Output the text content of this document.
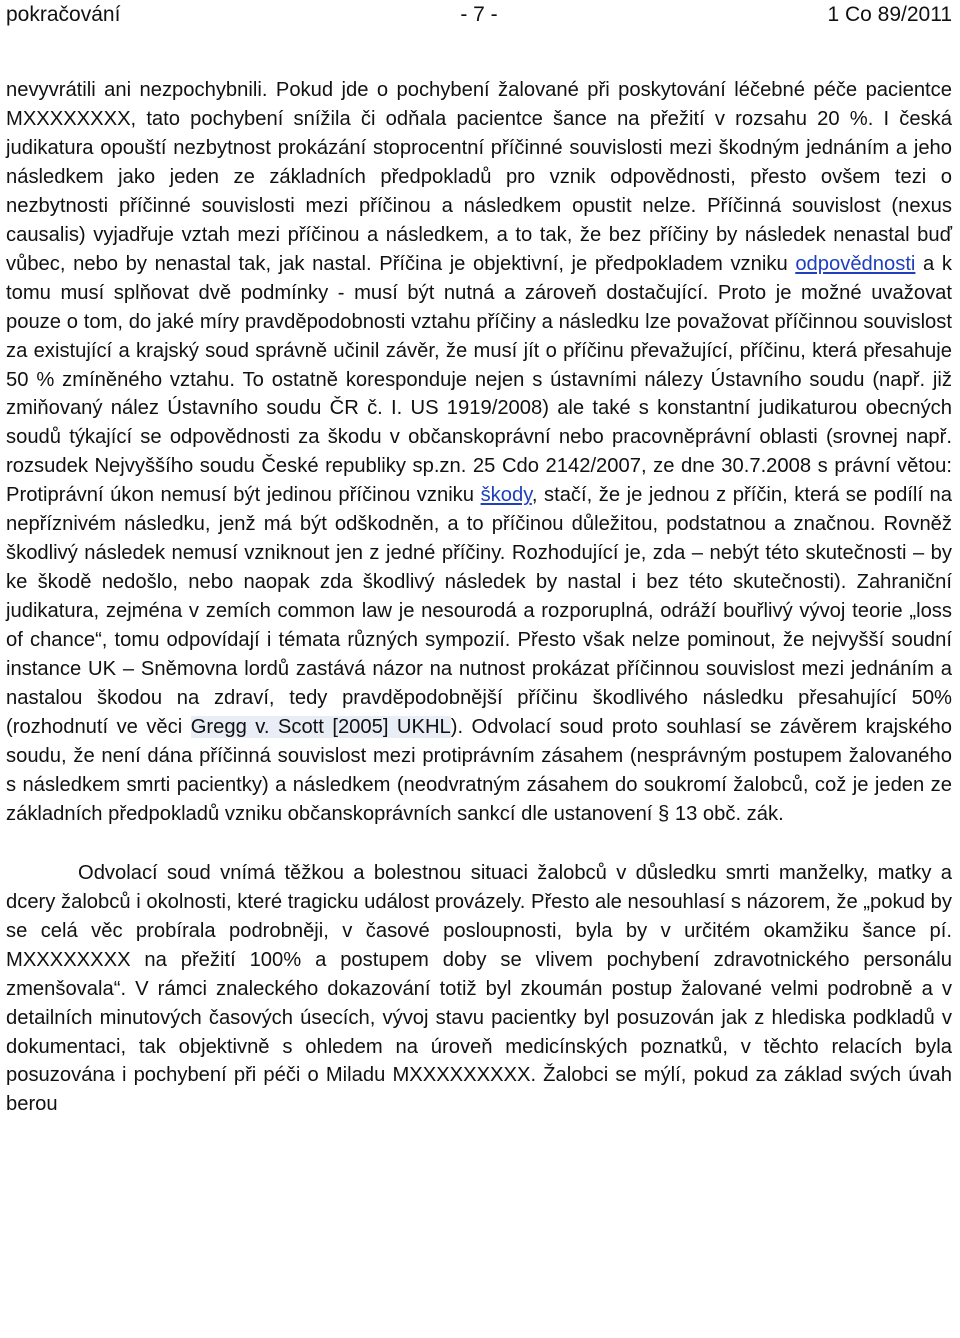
pokračování	- 7 -	1 Co 89/2011

nevyvrátili ani nezpochybnili. Pokud jde o pochybení žalované při poskytování léčebné péče pacientce MXXXXXXXX, tato pochybení snížila či odňala pacientce šance na přežití v rozsahu 20 %. I česká judikatura opouští nezbytnost prokázání stoprocentní příčinné souvislosti mezi škodným jednáním a jeho následkem jako jeden ze základních předpokladů pro vznik odpovědnosti, přesto ovšem tezi o nezbytnosti příčinné souvislosti mezi příčinou a následkem opustit nelze. Příčinná souvislost (nexus causalis) vyjadřuje vztah mezi příčinou a následkem, a to tak, že bez příčiny by následek nenastal buď vůbec, nebo by nenastal tak, jak nastal. Příčina je objektivní, je předpokladem vzniku odpovědnosti a k tomu musí splňovat dvě podmínky - musí být nutná a zároveň dostačující. Proto je možné uvažovat pouze o tom, do jaké míry pravděpodobnosti vztahu příčiny a následku lze považovat příčinnou souvislost za existující a krajský soud správně učinil závěr, že musí jít o příčinu převažující, příčinu, která přesahuje 50 % zmíněného vztahu. To ostatně koresponduje nejen s ústavními nálezy Ústavního soudu (např. již zmiňovaný nález Ústavního soudu ČR č. I. US 1919/2008) ale také s konstantní judikaturou obecných soudů týkající se odpovědnosti za škodu v občanskoprávní nebo pracovněprávní oblasti (srovnej např. rozsudek Nejvyššího soudu České republiky sp.zn. 25 Cdo 2142/2007, ze dne 30.7.2008 s právní větou: Protiprávní úkon nemusí být jedinou příčinou vzniku škody, stačí, že je jednou z příčin, která se podílí na nepříznivém následku, jenž má být odškodněn, a to příčinou důležitou, podstatnou a značnou. Rovněž škodlivý následek nemusí vzniknout jen z jedné příčiny. Rozhodující je, zda – nebýt této skutečnosti – by ke škodě nedošlo, nebo naopak zda škodlivý následek by nastal i bez této skutečnosti). Zahraniční judikatura, zejména v zemích common law je nesourodá a rozporuplná, odráží bouřlivý vývoj teorie „loss of chance“, tomu odpovídají i témata různých sympozií. Přesto však nelze pominout, že nejvyšší soudní instance UK – Sněmovna lordů zastává názor na nutnost prokázat příčinnou souvislost mezi jednáním a nastalou škodou na zdraví, tedy pravděpodobnější příčinu škodlivého následku přesahující 50% (rozhodnutí ve věci Gregg v. Scott [2005] UKHL). Odvolací soud proto souhlasí se závěrem krajského soudu, že není dána příčinná souvislost mezi protiprávním zásahem (nesprávným postupem žalovaného s následkem smrti pacientky) a následkem (neodvratným zásahem do soukromí žalobců, což je jeden ze základních předpokladů vzniku občanskoprávních sankcí dle ustanovení § 13 obč. zák.

Odvolací soud vnímá těžkou a bolestnou situaci žalobců v důsledku smrti manželky, matky a dcery žalobců i okolnosti, které tragicku událost provázely. Přesto ale nesouhlasí s názorem, že „pokud by se celá věc probírala podrobněji, v časové posloupnosti, byla by v určitém okamžiku šance pí. MXXXXXXXX na přežití 100% a postupem doby se vlivem pochybení zdravotnického personálu zmenšovala“. V rámci znaleckého dokazování totiž byl zkoumán postup žalované velmi podrobně a v detailních minutových časových úsecích, vývoj stavu pacientky byl posuzován jak z hlediska podkladů v dokumentaci, tak objektivně s ohledem na úroveň medicínských poznatků, v těchto relacích byla posuzována i pochybení při péči o Miladu MXXXXXXXXX. Žalobci se mýlí, pokud za základ svých úvah berou
